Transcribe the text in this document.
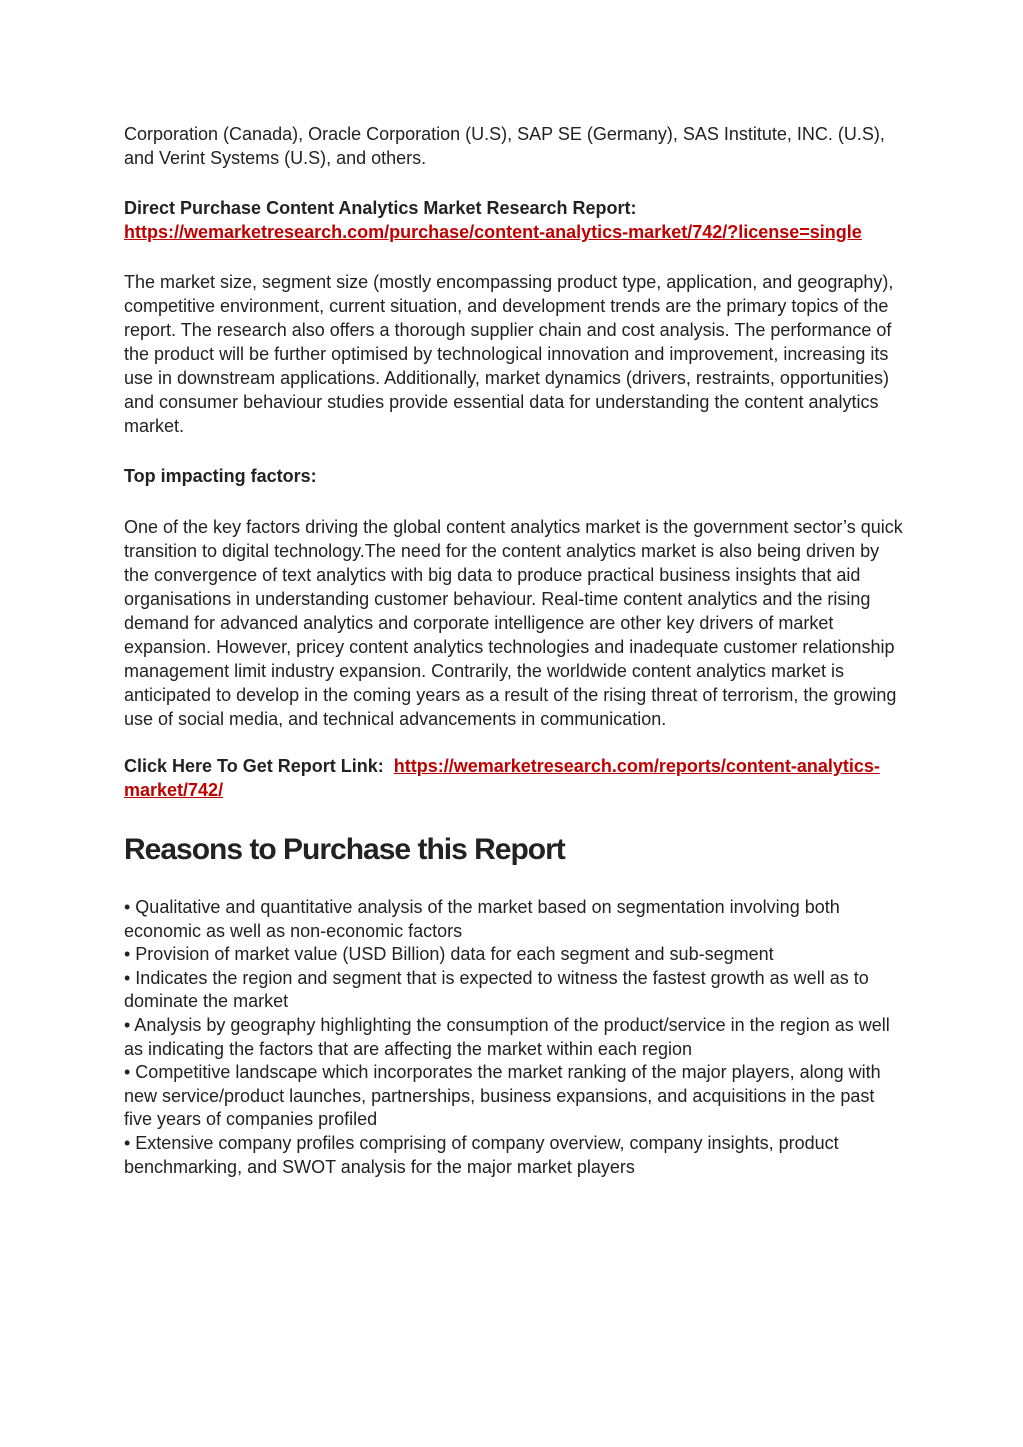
Corporation (Canada), Oracle Corporation (U.S), SAP SE (Germany), SAS Institute, INC. (U.S), and Verint Systems (U.S), and others.

Direct Purchase Content Analytics Market Research Report: https://wemarketresearch.com/purchase/content-analytics-market/742/?license=single

The market size, segment size (mostly encompassing product type, application, and geography), competitive environment, current situation, and development trends are the primary topics of the report. The research also offers a thorough supplier chain and cost analysis. The performance of the product will be further optimised by technological innovation and improvement, increasing its use in downstream applications. Additionally, market dynamics (drivers, restraints, opportunities) and consumer behaviour studies provide essential data for understanding the content analytics market.

Top impacting factors:

One of the key factors driving the global content analytics market is the government sector’s quick transition to digital technology.The need for the content analytics market is also being driven by the convergence of text analytics with big data to produce practical business insights that aid organisations in understanding customer behaviour. Real-time content analytics and the rising demand for advanced analytics and corporate intelligence are other key drivers of market expansion. However, pricey content analytics technologies and inadequate customer relationship management limit industry expansion. Contrarily, the worldwide content analytics market is anticipated to develop in the coming years as a result of the rising threat of terrorism, the growing use of social media, and technical advancements in communication.

Click Here To Get Report Link: https://wemarketresearch.com/reports/content-analytics-market/742/

Reasons to Purchase this Report
• Qualitative and quantitative analysis of the market based on segmentation involving both economic as well as non-economic factors
• Provision of market value (USD Billion) data for each segment and sub-segment
• Indicates the region and segment that is expected to witness the fastest growth as well as to dominate the market
• Analysis by geography highlighting the consumption of the product/service in the region as well as indicating the factors that are affecting the market within each region
• Competitive landscape which incorporates the market ranking of the major players, along with new service/product launches, partnerships, business expansions, and acquisitions in the past five years of companies profiled
• Extensive company profiles comprising of company overview, company insights, product benchmarking, and SWOT analysis for the major market players
